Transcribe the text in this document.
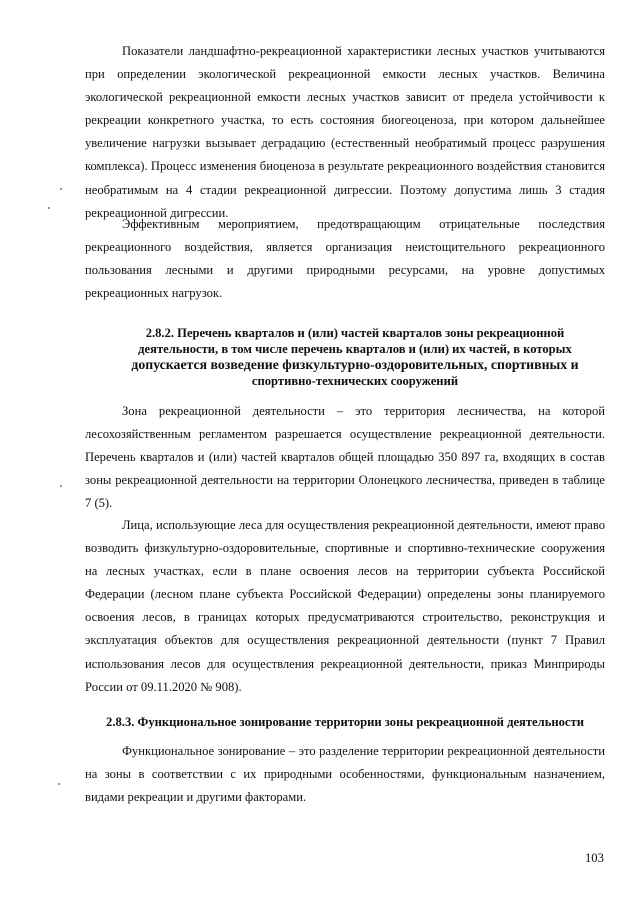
Показатели ландшафтно-рекреационной характеристики лесных участков учитываются при определении экологической рекреационной емкости лесных участков. Величина экологической рекреационной емкости лесных участков зависит от предела устойчивости к рекреации конкретного участка, то есть состояния биогеоценоза, при котором дальнейшее увеличение нагрузки вызывает деградацию (естественный необратимый процесс разрушения комплекса). Процесс изменения биоценоза в результате рекреационного воздействия становится необратимым на 4 стадии рекреационной дигрессии. Поэтому допустима лишь 3 стадия рекреационной дигрессии.

Эффективным мероприятием, предотвращающим отрицательные последствия рекреационного воздействия, является организация неистощительного рекреационного пользования лесными и другими природными ресурсами, на уровне допустимых рекреационных нагрузок.

2.8.2. Перечень кварталов и (или) частей кварталов зоны рекреационной
деятельности, в том числе перечень кварталов и (или) их частей, в которых
допускается возведение физкультурно-оздоровительных, спортивных и
спортивно-технических сооружений

Зона рекреационной деятельности – это территория лесничества, на которой лесохозяйственным регламентом разрешается осуществление рекреационной деятельности. Перечень кварталов и (или) частей кварталов общей площадью 350 897 га, входящих в состав зоны рекреационной деятельности на территории Олонецкого лесничества, приведен в таблице 7 (5).

Лица, использующие леса для осуществления рекреационной деятельности, имеют право возводить физкультурно-оздоровительные, спортивные и спортивно-технические сооружения на лесных участках, если в плане освоения лесов на территории субъекта Российской Федерации (лесном плане субъекта Российской Федерации) определены зоны планируемого освоения лесов, в границах которых предусматриваются строительство, реконструкция и эксплуатация объектов для осуществления рекреационной деятельности (пункт 7 Правил использования лесов для осуществления рекреационной деятельности, приказ Минприроды России от 09.11.2020 № 908).

2.8.3. Функциональное зонирование территории зоны рекреационной деятельности

Функциональное зонирование – это разделение территории рекреационной деятельности на зоны в соответствии с их природными особенностями, функциональным назначением, видами рекреации и другими факторами.

103
